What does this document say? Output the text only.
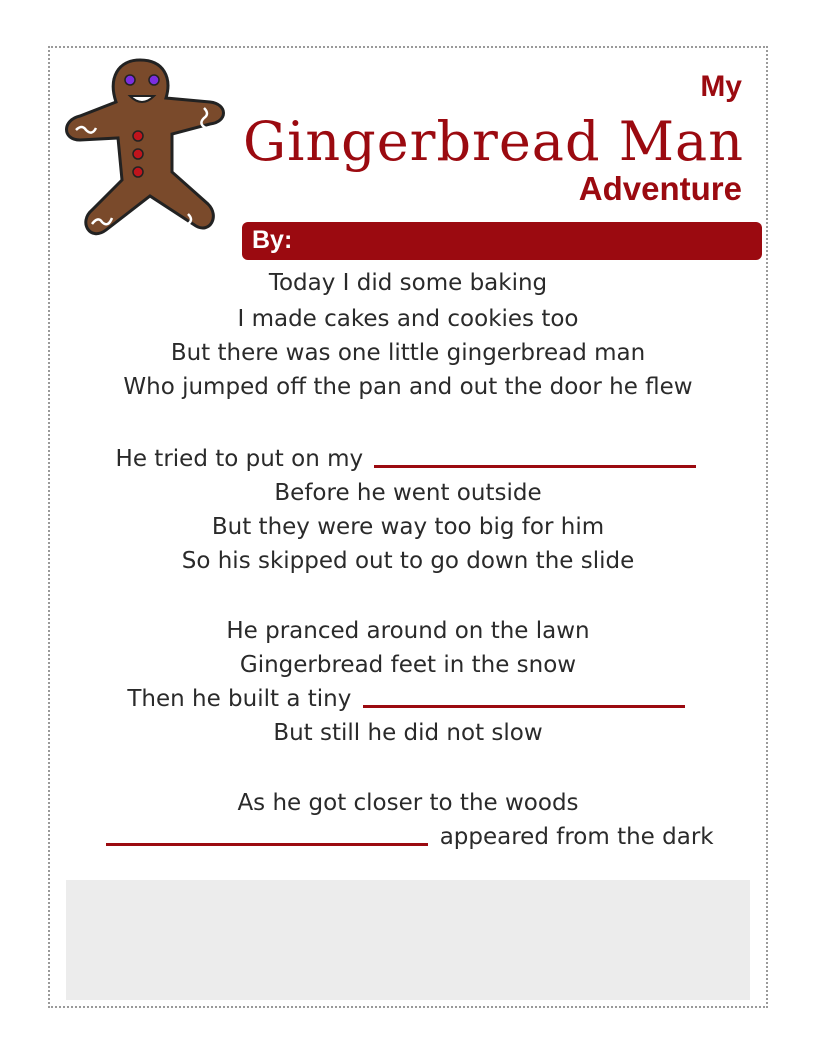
My
Gingerbread Man
Adventure
By:
Today I did some baking
I made cakes and cookies too
But there was one little gingerbread man
Who jumped off the pan and out the door he flew
He tried to put on my
Before he went outside
But they were way too big for him
So his skipped out to go down the slide
He pranced around on the lawn
Gingerbread feet in the snow
Then he built a tiny
But still he did not slow
As he got closer to the woods
appeared from the dark
